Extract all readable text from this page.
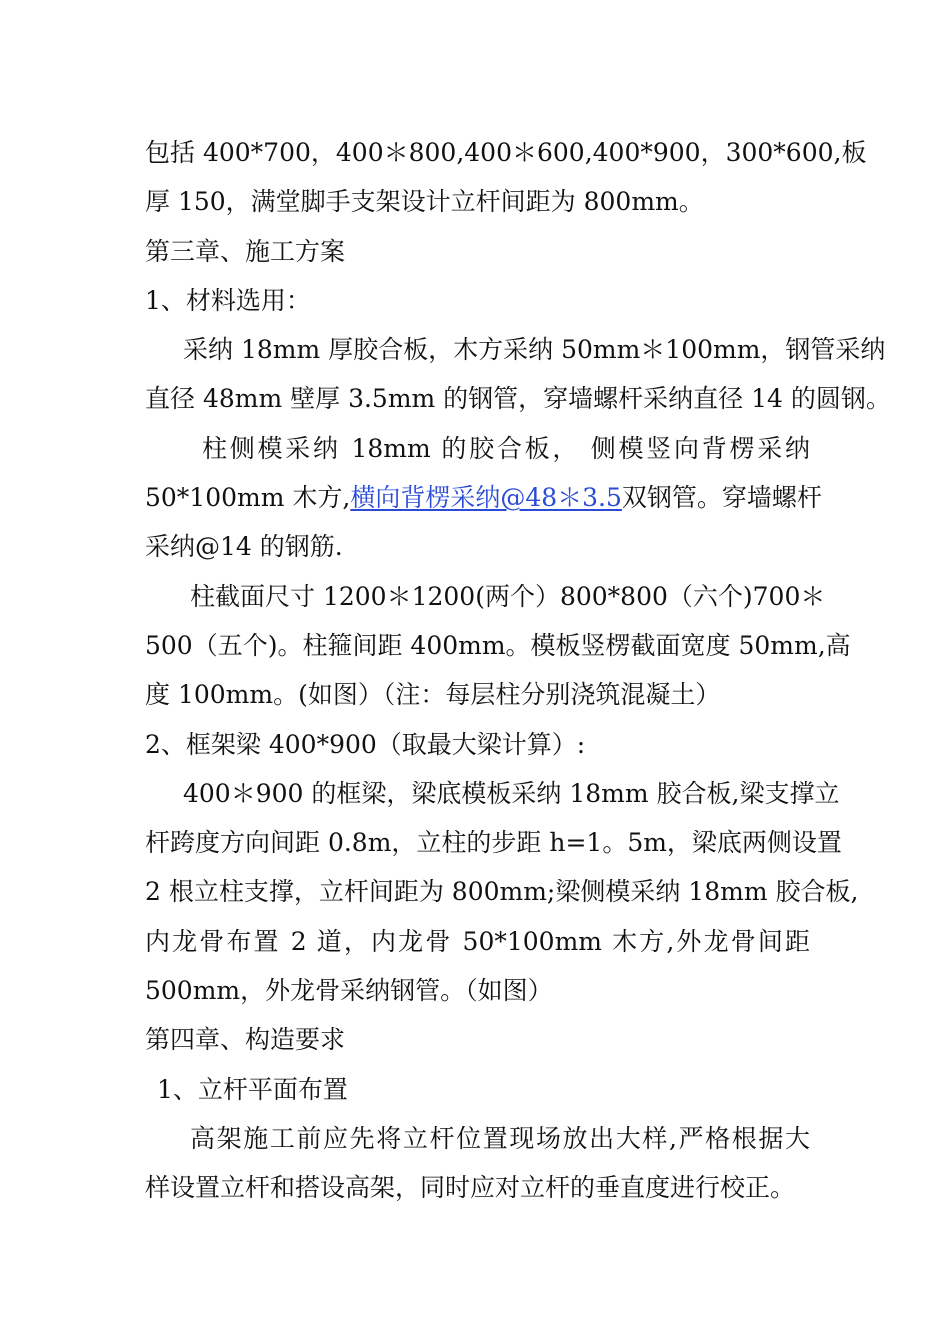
包括 400*700，400＊800,400＊600,400*900，300*600,板
厚 150，满堂脚手支架设计立杆间距为 800mm。
第三章、施工方案
1、材料选用：
采纳 18mm 厚胶合板，木方采纳 50mm＊100mm，钢管采纳
直径 48mm 壁厚 3.5mm 的钢管，穿墙螺杆采纳直径 14 的圆钢。
柱侧模采纳 18mm 的胶合板， 侧模竖向背楞采纳
50*100mm 木方,横向背楞采纳@48＊3.5双钢管。穿墙螺杆
采纳@14 的钢筋.
柱截面尺寸 1200＊1200(两个）800*800（六个)700＊
500（五个)。柱箍间距 400mm。模板竖楞截面宽度 50mm,高
度 100mm。(如图）（注：每层柱分别浇筑混凝土）
2、框架梁 400*900（取最大梁计算）:
400＊900 的框梁，梁底模板采纳 18mm 胶合板,梁支撑立
杆跨度方向间距 0.8m，立柱的步距 h=1。5m，梁底两侧设置
2 根立柱支撑，立杆间距为 800mm;梁侧模采纳 18mm 胶合板,
内龙骨布置 2 道，内龙骨 50*100mm 木方,外龙骨间距
500mm，外龙骨采纳钢管。（如图）
第四章、构造要求
1、立杆平面布置
高架施工前应先将立杆位置现场放出大样,严格根据大
样设置立杆和搭设高架，同时应对立杆的垂直度进行校正。
